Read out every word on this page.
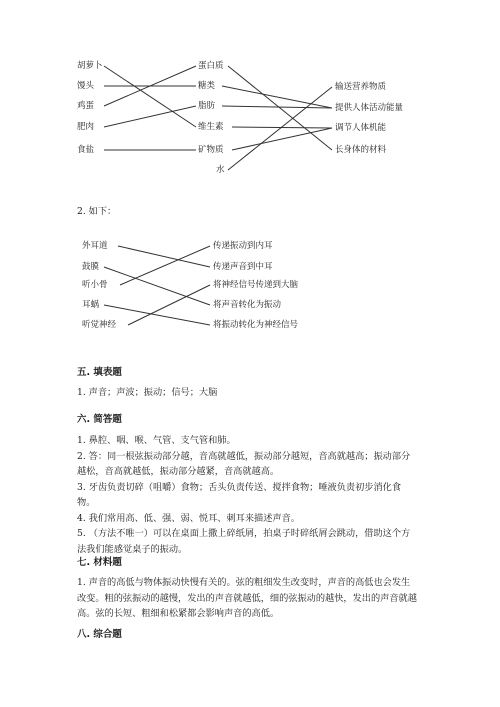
胡萝卜
馒头
鸡蛋
肥肉
食盐
蛋白质
糖类
脂肪
维生素
矿物质
水
输送营养物质
提供人体活动能量
调节人体机能
长身体的材料
2. 如下：
外耳道
鼓膜
听小骨
耳蜗
听觉神经
传递振动到内耳
传递声音到中耳
将神经信号传递到大脑
将声音转化为振动
将振动转化为神经信号
五. 填表题

1. 声音；声波；振动；信号；大脑

六. 简答题

1. 鼻腔、咽、喉、气管、支气管和肺。

2. 答：同一根弦振动部分越，音高就越低，振动部分越短，音高就越高；振动部分越松，音高就越低，振动部分越紧，音高就越高。

3. 牙齿负责切碎（咀嚼）食物；舌头负责传送、搅拌食物；唾液负责初步消化食物。

4. 我们常用高、低、强、弱、悦耳、刺耳来描述声音。

5. （方法不唯一）可以在桌面上撒上碎纸屑，拍桌子时碎纸屑会跳动，借助这个方法我们能感觉桌子的振动。

七. 材料题

1. 声音的高低与物体振动快慢有关的。弦的粗细发生改变时，声音的高低也会发生改变。粗的弦振动的越慢，发出的声音就越低，细的弦振动的越快，发出的声音就越高。弦的长短、粗细和松紧都会影响声音的高低。

八. 综合题
